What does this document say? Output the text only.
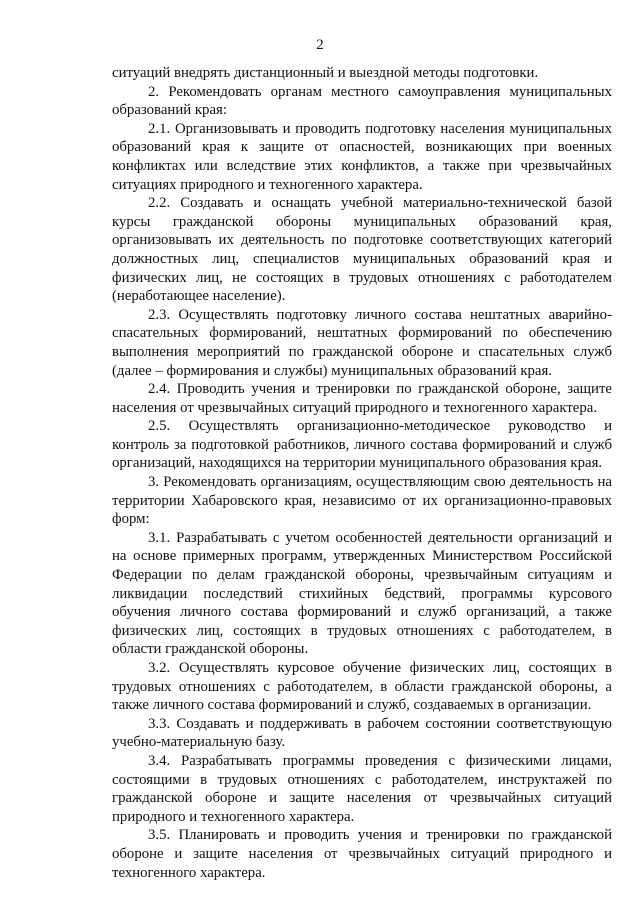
2

ситуаций внедрять дистанционный и выездной методы подготовки.

2. Рекомендовать органам местного самоуправления муниципальных образований края:

2.1. Организовывать и проводить подготовку населения муниципальных образований края к защите от опасностей, возникающих при военных конфликтах или вследствие этих конфликтов, а также при чрезвычайных ситуациях природного и техногенного характера.

2.2. Создавать и оснащать учебной материально-технической базой курсы гражданской обороны муниципальных образований края, организовывать их деятельность по подготовке соответствующих категорий должностных лиц, специалистов муниципальных образований края и физических лиц, не состоящих в трудовых отношениях с работодателем (неработающее население).

2.3. Осуществлять подготовку личного состава нештатных аварийно-спасательных формирований, нештатных формирований по обеспечению выполнения мероприятий по гражданской обороне и спасательных служб (далее – формирования и службы) муниципальных образований края.

2.4. Проводить учения и тренировки по гражданской обороне, защите населения от чрезвычайных ситуаций природного и техногенного характера.

2.5. Осуществлять организационно-методическое руководство и контроль за подготовкой работников, личного состава формирований и служб организаций, находящихся на территории муниципального образования края.

3. Рекомендовать организациям, осуществляющим свою деятельность на территории Хабаровского края, независимо от их организационно-правовых форм:

3.1. Разрабатывать с учетом особенностей деятельности организаций и на основе примерных программ, утвержденных Министерством Российской Федерации по делам гражданской обороны, чрезвычайным ситуациям и ликвидации последствий стихийных бедствий, программы курсового обучения личного состава формирований и служб организаций, а также физических лиц, состоящих в трудовых отношениях с работодателем, в области гражданской обороны.

3.2. Осуществлять курсовое обучение физических лиц, состоящих в трудовых отношениях с работодателем, в области гражданской обороны, а также личного состава формирований и служб, создаваемых в организации.

3.3. Создавать и поддерживать в рабочем состоянии соответствующую учебно-материальную базу.

3.4. Разрабатывать программы проведения с физическими лицами, состоящими в трудовых отношениях с работодателем, инструктажей по гражданской обороне и защите населения от чрезвычайных ситуаций природного и техногенного характера.

3.5. Планировать и проводить учения и тренировки по гражданской обороне и защите населения от чрезвычайных ситуаций природного и техногенного характера.
